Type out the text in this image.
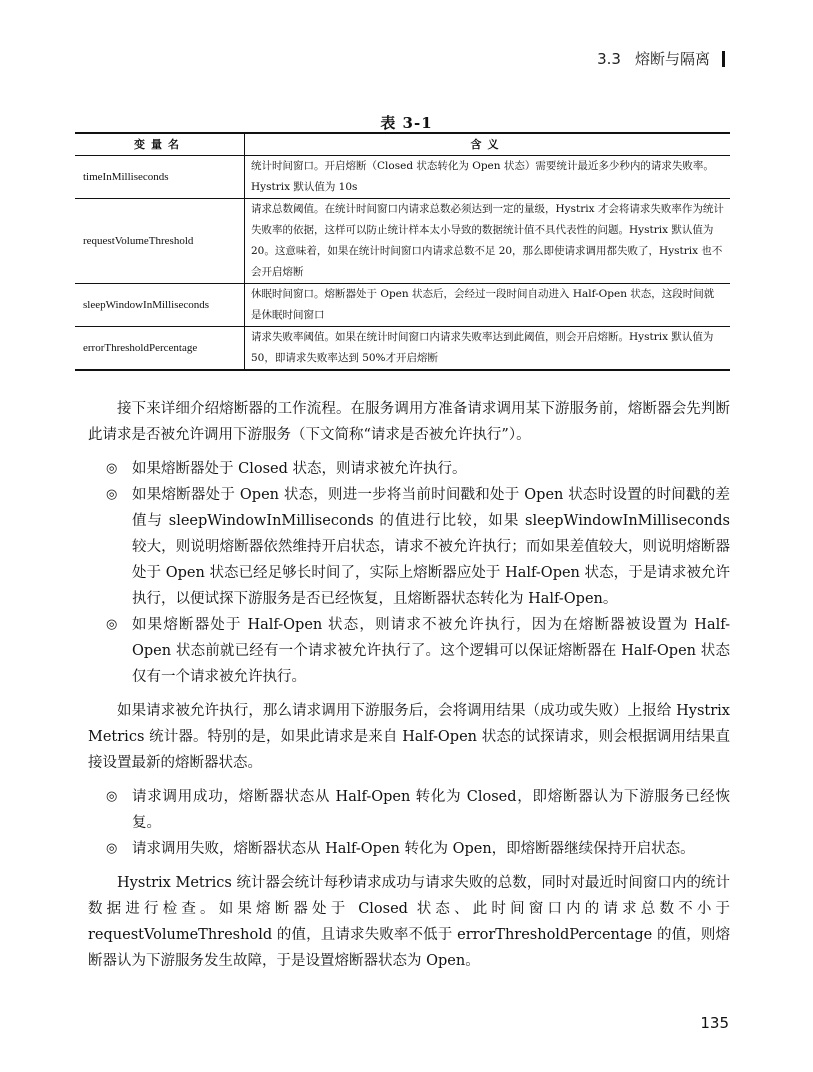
3.3 熔断与隔离
表 3-1
变量名	含义
timeInMilliseconds	统计时间窗口。开启熔断（Closed 状态转化为 Open 状态）需要统计最近多少秒内的请求失败率。Hystrix 默认值为 10s
requestVolumeThreshold	请求总数阈值。在统计时间窗口内请求总数必须达到一定的量级，Hystrix 才会将请求失败率作为统计失败率的依据，这样可以防止统计样本太小导致的数据统计值不具代表性的问题。Hystrix 默认值为 20。这意味着，如果在统计时间窗口内请求总数不足 20，那么即使请求调用都失败了，Hystrix 也不会开启熔断
sleepWindowInMilliseconds	休眠时间窗口。熔断器处于 Open 状态后，会经过一段时间自动进入 Half-Open 状态，这段时间就是休眠时间窗口
errorThresholdPercentage	请求失败率阈值。如果在统计时间窗口内请求失败率达到此阈值，则会开启熔断。Hystrix 默认值为 50，即请求失败率达到 50%才开启熔断

接下来详细介绍熔断器的工作流程。在服务调用方准备请求调用某下游服务前，熔断器会先判断此请求是否被允许调用下游服务（下文简称“请求是否被允许执行”）。

◎ 如果熔断器处于 Closed 状态，则请求被允许执行。
◎ 如果熔断器处于 Open 状态，则进一步将当前时间戳和处于 Open 状态时设置的时间戳的差值与 sleepWindowInMilliseconds 的值进行比较，如果 sleepWindowInMilliseconds 较大，则说明熔断器依然维持开启状态，请求不被允许执行；而如果差值较大，则说明熔断器处于 Open 状态已经足够长时间了，实际上熔断器应处于 Half-Open 状态，于是请求被允许执行，以便试探下游服务是否已经恢复，且熔断器状态转化为 Half-Open。
◎ 如果熔断器处于 Half-Open 状态，则请求不被允许执行，因为在熔断器被设置为 Half-Open 状态前就已经有一个请求被允许执行了。这个逻辑可以保证熔断器在 Half-Open 状态仅有一个请求被允许执行。

如果请求被允许执行，那么请求调用下游服务后，会将调用结果（成功或失败）上报给 Hystrix Metrics 统计器。特别的是，如果此请求是来自 Half-Open 状态的试探请求，则会根据调用结果直接设置最新的熔断器状态。

◎ 请求调用成功，熔断器状态从 Half-Open 转化为 Closed，即熔断器认为下游服务已经恢复。
◎ 请求调用失败，熔断器状态从 Half-Open 转化为 Open，即熔断器继续保持开启状态。

Hystrix Metrics 统计器会统计每秒请求成功与请求失败的总数，同时对最近时间窗口内的统计数据进行检查。如果熔断器处于 Closed 状态、此时间窗口内的请求总数不小于 requestVolumeThreshold 的值，且请求失败率不低于 errorThresholdPercentage 的值，则熔断器认为下游服务发生故障，于是设置熔断器状态为 Open。

135
